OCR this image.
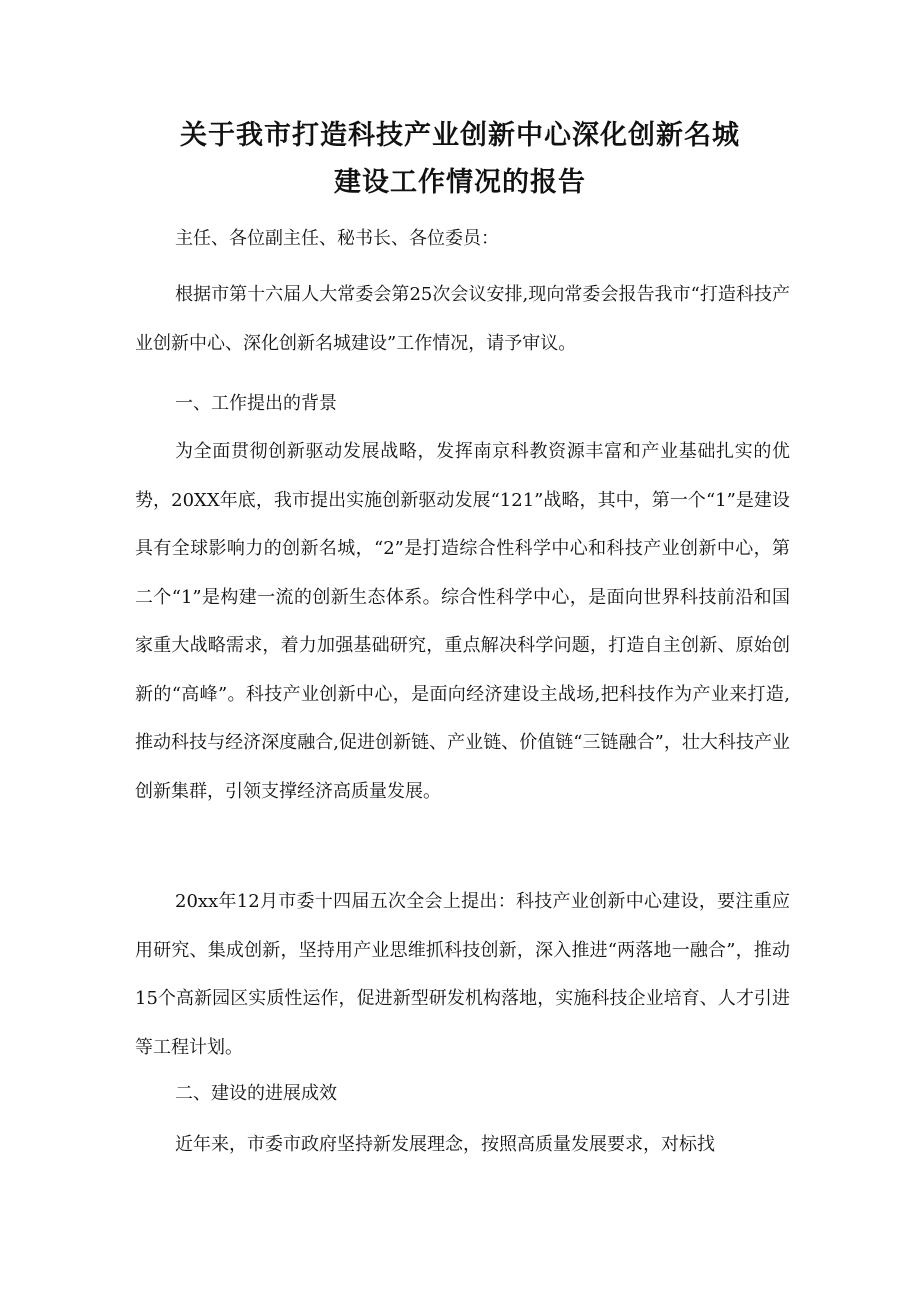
关于我市打造科技产业创新中心深化创新名城
建设工作情况的报告

主任、各位副主任、秘书长、各位委员：

根据市第十六届人大常委会第25次会议安排,现向常委会报告我市“打造科技产业创新中心、深化创新名城建设”工作情况，请予审议。

一、工作提出的背景

为全面贯彻创新驱动发展战略，发挥南京科教资源丰富和产业基础扎实的优势，20XX年底，我市提出实施创新驱动发展“121”战略，其中，第一个“1”是建设具有全球影响力的创新名城，“2”是打造综合性科学中心和科技产业创新中心，第二个“1”是构建一流的创新生态体系。综合性科学中心，是面向世界科技前沿和国家重大战略需求，着力加强基础研究，重点解决科学问题，打造自主创新、原始创新的“高峰”。科技产业创新中心，是面向经济建设主战场,把科技作为产业来打造,推动科技与经济深度融合,促进创新链、产业链、价值链“三链融合”，壮大科技产业创新集群，引领支撑经济高质量发展。

20xx年12月市委十四届五次全会上提出：科技产业创新中心建设，要注重应用研究、集成创新，坚持用产业思维抓科技创新，深入推进“两落地一融合”，推动15个高新园区实质性运作，促进新型研发机构落地，实施科技企业培育、人才引进等工程计划。

二、建设的进展成效

近年来，市委市政府坚持新发展理念，按照高质量发展要求，对标找
